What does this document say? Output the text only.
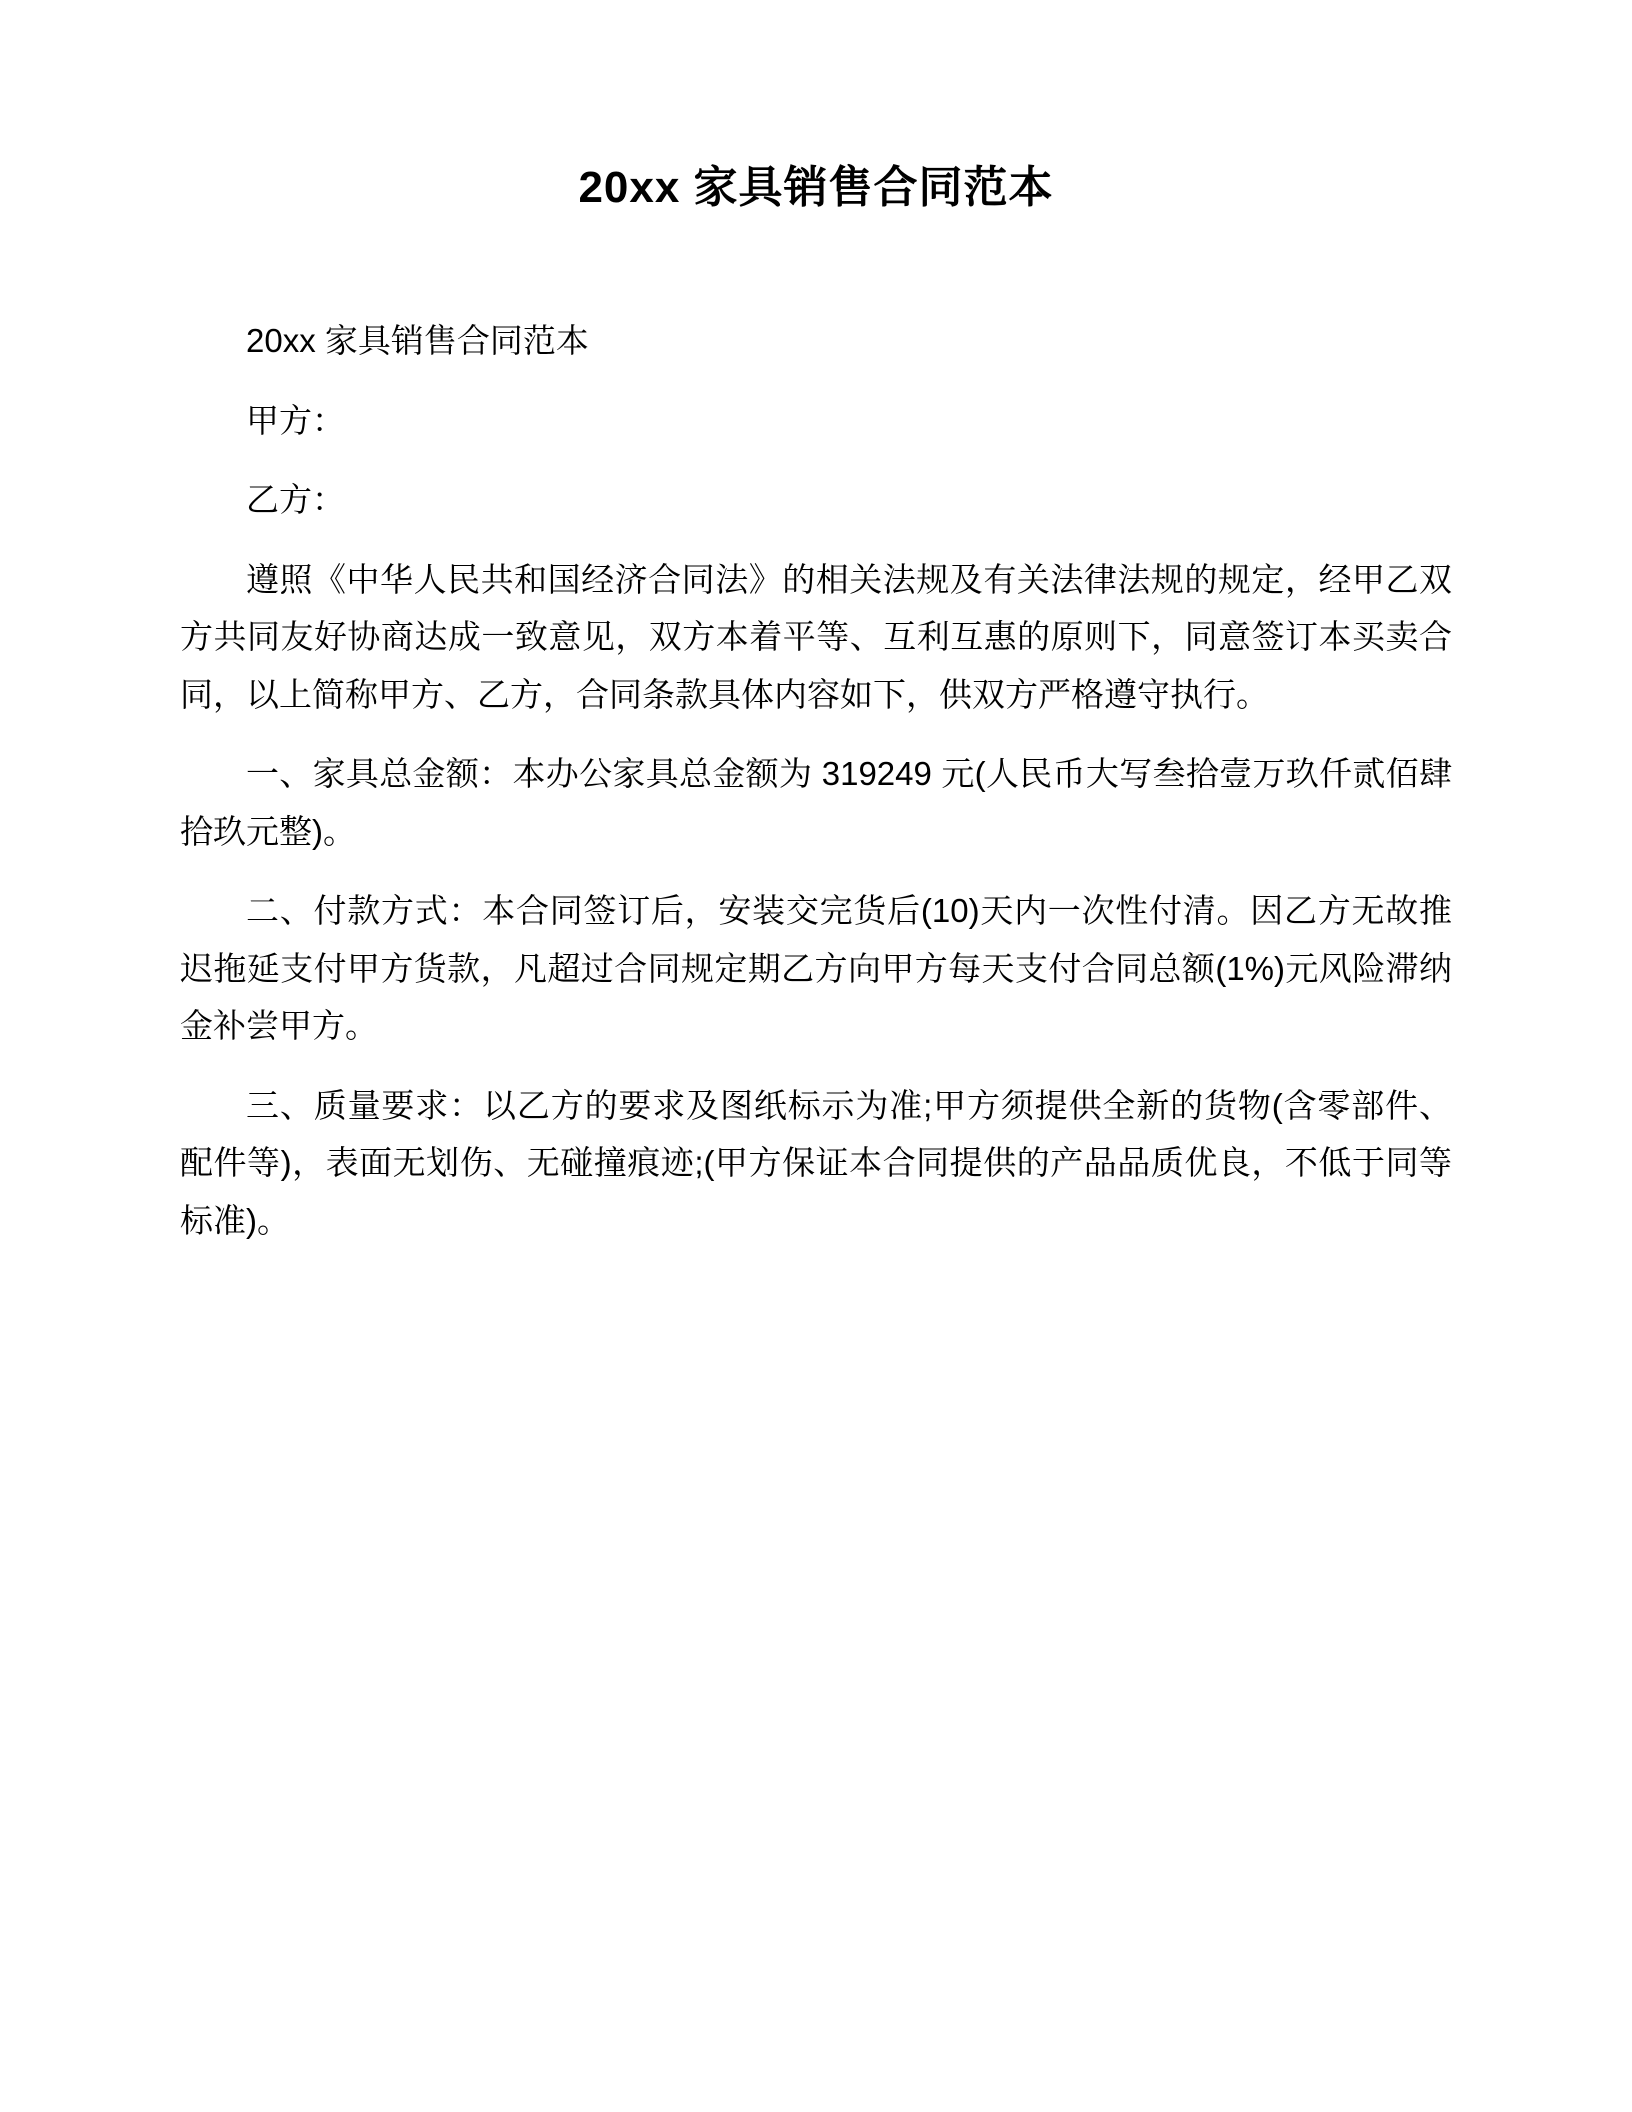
20xx 家具销售合同范本

20xx 家具销售合同范本

甲方：

乙方：

遵照《中华人民共和国经济合同法》的相关法规及有关法律法规的规定，经甲乙双方共同友好协商达成一致意见，双方本着平等、互利互惠的原则下，同意签订本买卖合同，以上简称甲方、乙方，合同条款具体内容如下，供双方严格遵守执行。

一、家具总金额：本办公家具总金额为 319249 元(人民币大写叁拾壹万玖仟贰佰肆拾玖元整)。

二、付款方式：本合同签订后，安装交完货后(10)天内一次性付清。因乙方无故推迟拖延支付甲方货款，凡超过合同规定期乙方向甲方每天支付合同总额(1%)元风险滞纳金补尝甲方。

三、质量要求：以乙方的要求及图纸标示为准;甲方须提供全新的货物(含零部件、配件等)，表面无划伤、无碰撞痕迹;(甲方保证本合同提供的产品品质优良，不低于同等标准)。
